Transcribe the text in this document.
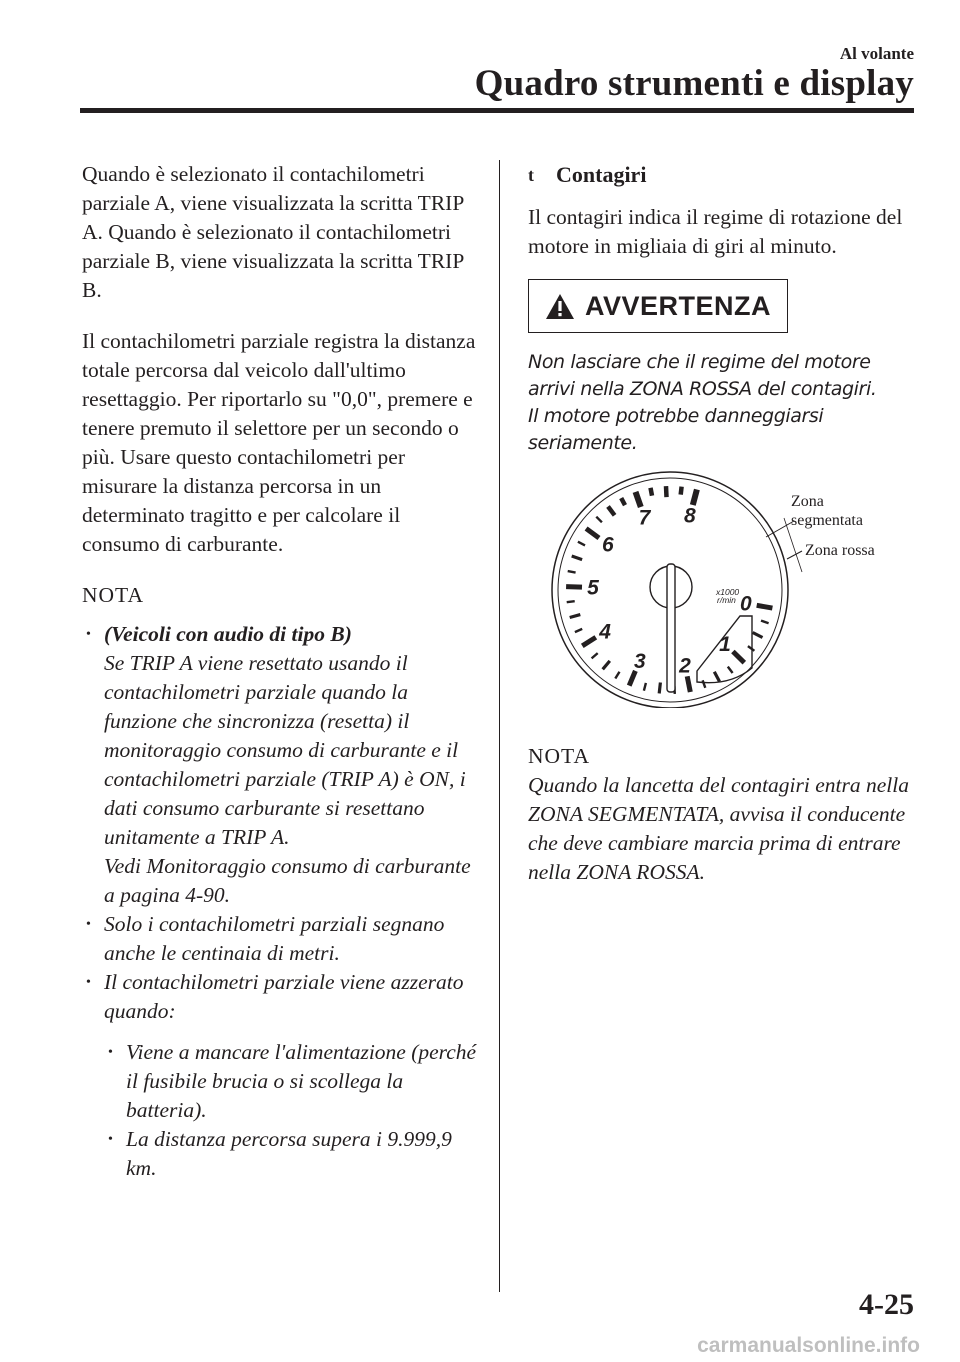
Al volante
Quadro strumenti e display

Quando è selezionato il contachilometri parziale A, viene visualizzata la scritta TRIP A. Quando è selezionato il contachilometri parziale B, viene visualizzata la scritta TRIP B.

Il contachilometri parziale registra la distanza totale percorsa dal veicolo dall'ultimo resettaggio. Per riportarlo su "0,0", premere e tenere premuto il selettore per un secondo o più. Usare questo contachilometri per misurare la distanza percorsa in un determinato tragitto e per calcolare il consumo di carburante.

NOTA
• (Veicoli con audio di tipo B)
Se TRIP A viene resettato usando il contachilometri parziale quando la funzione che sincronizza (resetta) il monitoraggio consumo di carburante e il contachilometri parziale (TRIP A) è ON, i dati consumo carburante si resettano unitamente a TRIP A.
Vedi Monitoraggio consumo di carburante a pagina 4-90.
• Solo i contachilometri parziali segnano anche le centinaia di metri.
• Il contachilometri parziale viene azzerato quando:
• Viene a mancare l'alimentazione (perché il fusibile brucia o si scollega la batteria).
• La distanza percorsa supera i 9.999,9 km.
t Contagiri

Il contagiri indica il regime di rotazione del motore in migliaia di giri al minuto.

AVVERTENZA

Non lasciare che il regime del motore arrivi nella ZONA ROSSA del contagiri.
Il motore potrebbe danneggiarsi seriamente.

0
1
2
3
4
5
6
7 8
x1000
r/min
Zona
segmentata
Zona rossa
NOTA

Quando la lancetta del contagiri entra nella ZONA SEGMENTATA, avvisa il conducente che deve cambiare marcia prima di entrare nella ZONA ROSSA.

4-25
carmanualsonline.info
